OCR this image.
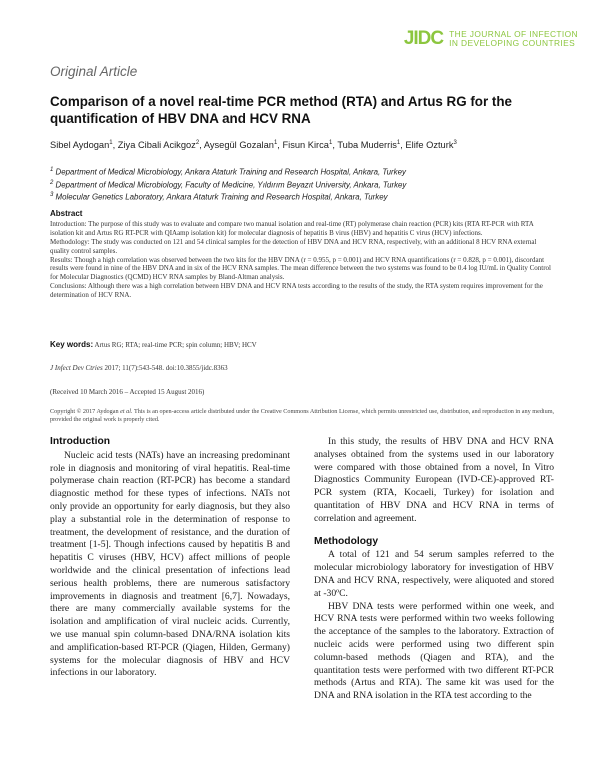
JIDC THE JOURNAL OF INFECTION
IN DEVELOPING COUNTRIES
Original Article
Comparison of a novel real-time PCR method (RTA) and Artus RG for the quantification of HBV DNA and HCV RNA
Sibel Aydogan$^1$, Ziya Cibali Acikgoz$^2$, Aysegül Gozalan$^1$, Fisun Kirca$^1$, Tuba Muderris$^1$, Elife Ozturk$^3$
$^1$ Department of Medical Microbiology, Ankara Ataturk Training and Research Hospital, Ankara, Turkey
$^2$ Department of Medical Microbiology, Faculty of Medicine, Yıldırım Beyazıt University, Ankara, Turkey
$^3$ Molecular Genetics Laboratory, Ankara Ataturk Training and Research Hospital, Ankara, Turkey
Abstract

Introduction: The purpose of this study was to evaluate and compare two manual isolation and real-time (RT) polymerase chain reaction (PCR) kits (RTA RT-PCR with RTA isolation kit and Artus RG RT-PCR with QIAamp isolation kit) for molecular diagnosis of hepatitis B virus (HBV) and hepatitis C virus (HCV) infections.

Methodology: The study was conducted on 121 and 54 clinical samples for the detection of HBV DNA and HCV RNA, respectively, with an additional 8 HCV RNA external quality control samples.

Results: Though a high correlation was observed between the two kits for the HBV DNA (r = 0.955, p = 0.001) and HCV RNA quantifications (r = 0.828, p = 0.001), discordant results were found in nine of the HBV DNA and in six of the HCV RNA samples. The mean difference between the two systems was found to be 0.4 log IU/mL in Quality Control for Molecular Diagnostics (QCMD) HCV RNA samples by Bland-Altman analysis.

Conclusions: Although there was a high correlation between HBV DNA and HCV RNA tests according to the results of the study, the RTA system requires improvement for the determination of HCV RNA.

Key words: Artus RG; RTA; real-time PCR; spin column; HBV; HCV
J Infect Dev Ctries 2017; 11(7):543-548. doi:10.3855/jidc.8363
(Received 10 March 2016 – Accepted 15 August 2016)
Copyright © 2017 Aydogan et al. This is an open-access article distributed under the Creative Commons Attribution License, which permits unrestricted use, distribution, and reproduction in any medium, provided the original work is properly cited.
Introduction

Nucleic acid tests (NATs) have an increasing predominant role in diagnosis and monitoring of viral hepatitis. Real-time polymerase chain reaction (RT-PCR) has become a standard diagnostic method for these types of infections. NATs not only provide an opportunity for early diagnosis, but they also play a substantial role in the determination of response to treatment, the development of resistance, and the duration of treatment [1-5]. Though infections caused by hepatitis B and hepatitis C viruses (HBV, HCV) affect millions of people worldwide and the clinical presentation of infections lead serious health problems, there are numerous satisfactory improvements in diagnosis and treatment [6,7]. Nowadays, there are many commercially available systems for the isolation and amplification of viral nucleic acids. Currently, we use manual spin column-based DNA/RNA isolation kits and amplification-based RT-PCR (Qiagen, Hilden, Germany) systems for the molecular diagnosis of HBV and HCV infections in our laboratory.

In this study, the results of HBV DNA and HCV RNA analyses obtained from the systems used in our laboratory were compared with those obtained from a novel, In Vitro Diagnostics Community European (IVD-CE)-approved RT-PCR system (RTA, Kocaeli, Turkey) for isolation and quantitation of HBV DNA and HCV RNA in terms of correlation and agreement.

Methodology

A total of 121 and 54 serum samples referred to the molecular microbiology laboratory for investigation of HBV DNA and HCV RNA, respectively, were aliquoted and stored at -30ºC.

HBV DNA tests were performed within one week, and HCV RNA tests were performed within two weeks following the acceptance of the samples to the laboratory. Extraction of nucleic acids were performed using two different spin column-based methods (Qiagen and RTA), and the quantitation tests were performed with two different RT-PCR methods (Artus and RTA). The same kit was used for the DNA and RNA isolation in the RTA test according to the
